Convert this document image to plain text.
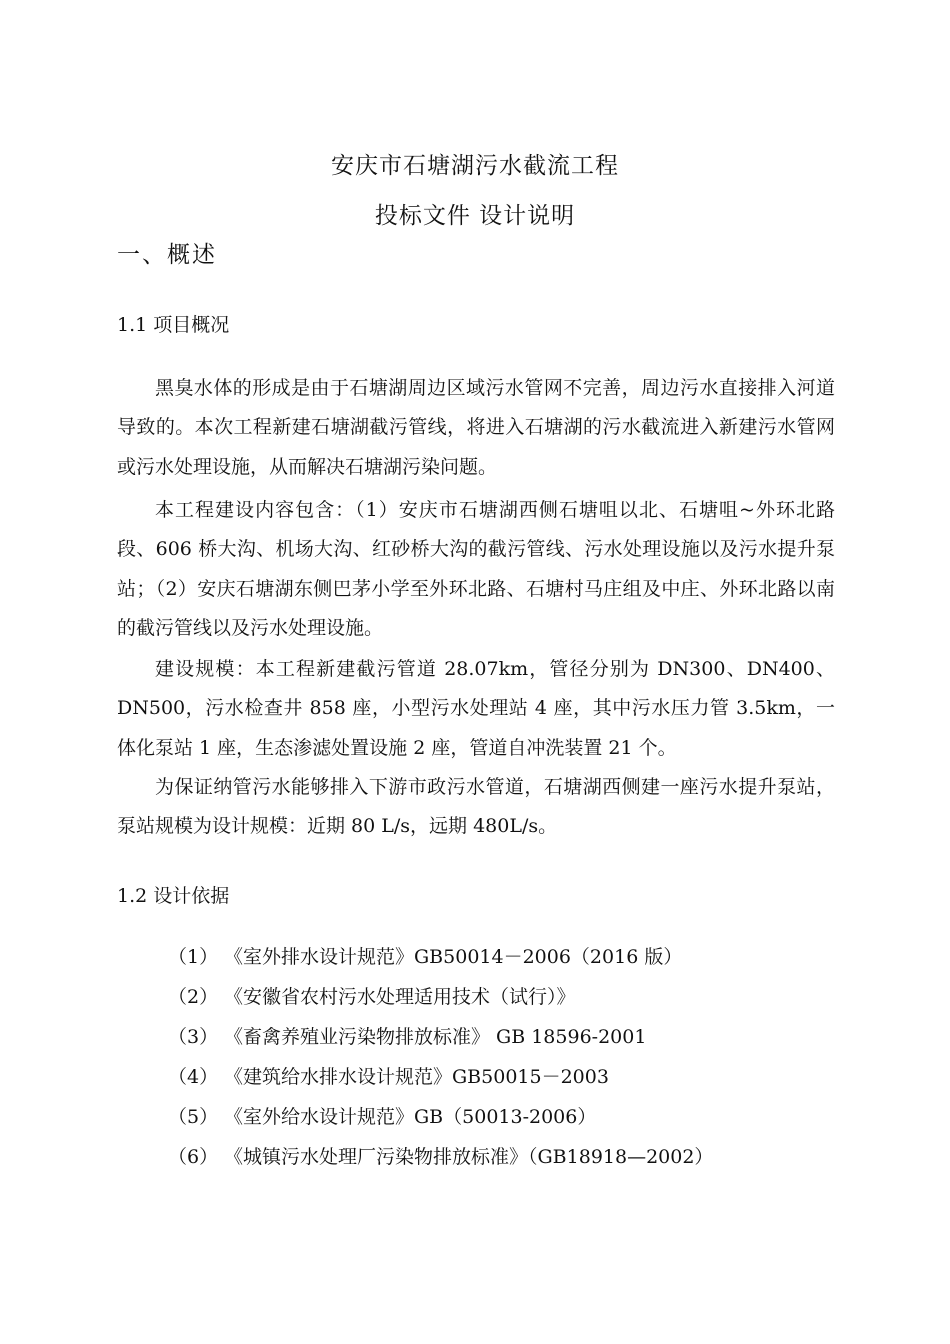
安庆市石塘湖污水截流工程
投标文件 设计说明
一、概述
1.1 项目概况

黑臭水体的形成是由于石塘湖周边区域污水管网不完善，周边污水直接排入河道导致的。本次工程新建石塘湖截污管线，将进入石塘湖的污水截流进入新建污水管网或污水处理设施，从而解决石塘湖污染问题。

本工程建设内容包含：（1）安庆市石塘湖西侧石塘咀以北、石塘咀~外环北路段、606 桥大沟、机场大沟、红砂桥大沟的截污管线、污水处理设施以及污水提升泵站；（2）安庆石塘湖东侧巴茅小学至外环北路、石塘村马庄组及中庄、外环北路以南的截污管线以及污水处理设施。

建设规模：本工程新建截污管道 28.07km，管径分别为 DN300、DN400、DN500，污水检查井 858 座，小型污水处理站 4 座，其中污水压力管 3.5km，一体化泵站 1 座，生态渗滤处置设施 2 座，管道自冲洗装置 21 个。

为保证纳管污水能够排入下游市政污水管道，石塘湖西侧建一座污水提升泵站，泵站规模为设计规模：近期 80 L/s，远期 480L/s。

1.2 设计依据
（1） 《室外排水设计规范》GB50014－2006（2016 版）
（2） 《安徽省农村污水处理适用技术（试行）》
（3） 《畜禽养殖业污染物排放标准》 GB 18596-2001
（4） 《建筑给水排水设计规范》GB50015－2003
（5） 《室外给水设计规范》GB（50013-2006）
（6） 《城镇污水处理厂污染物排放标准》（GB18918—2002）
